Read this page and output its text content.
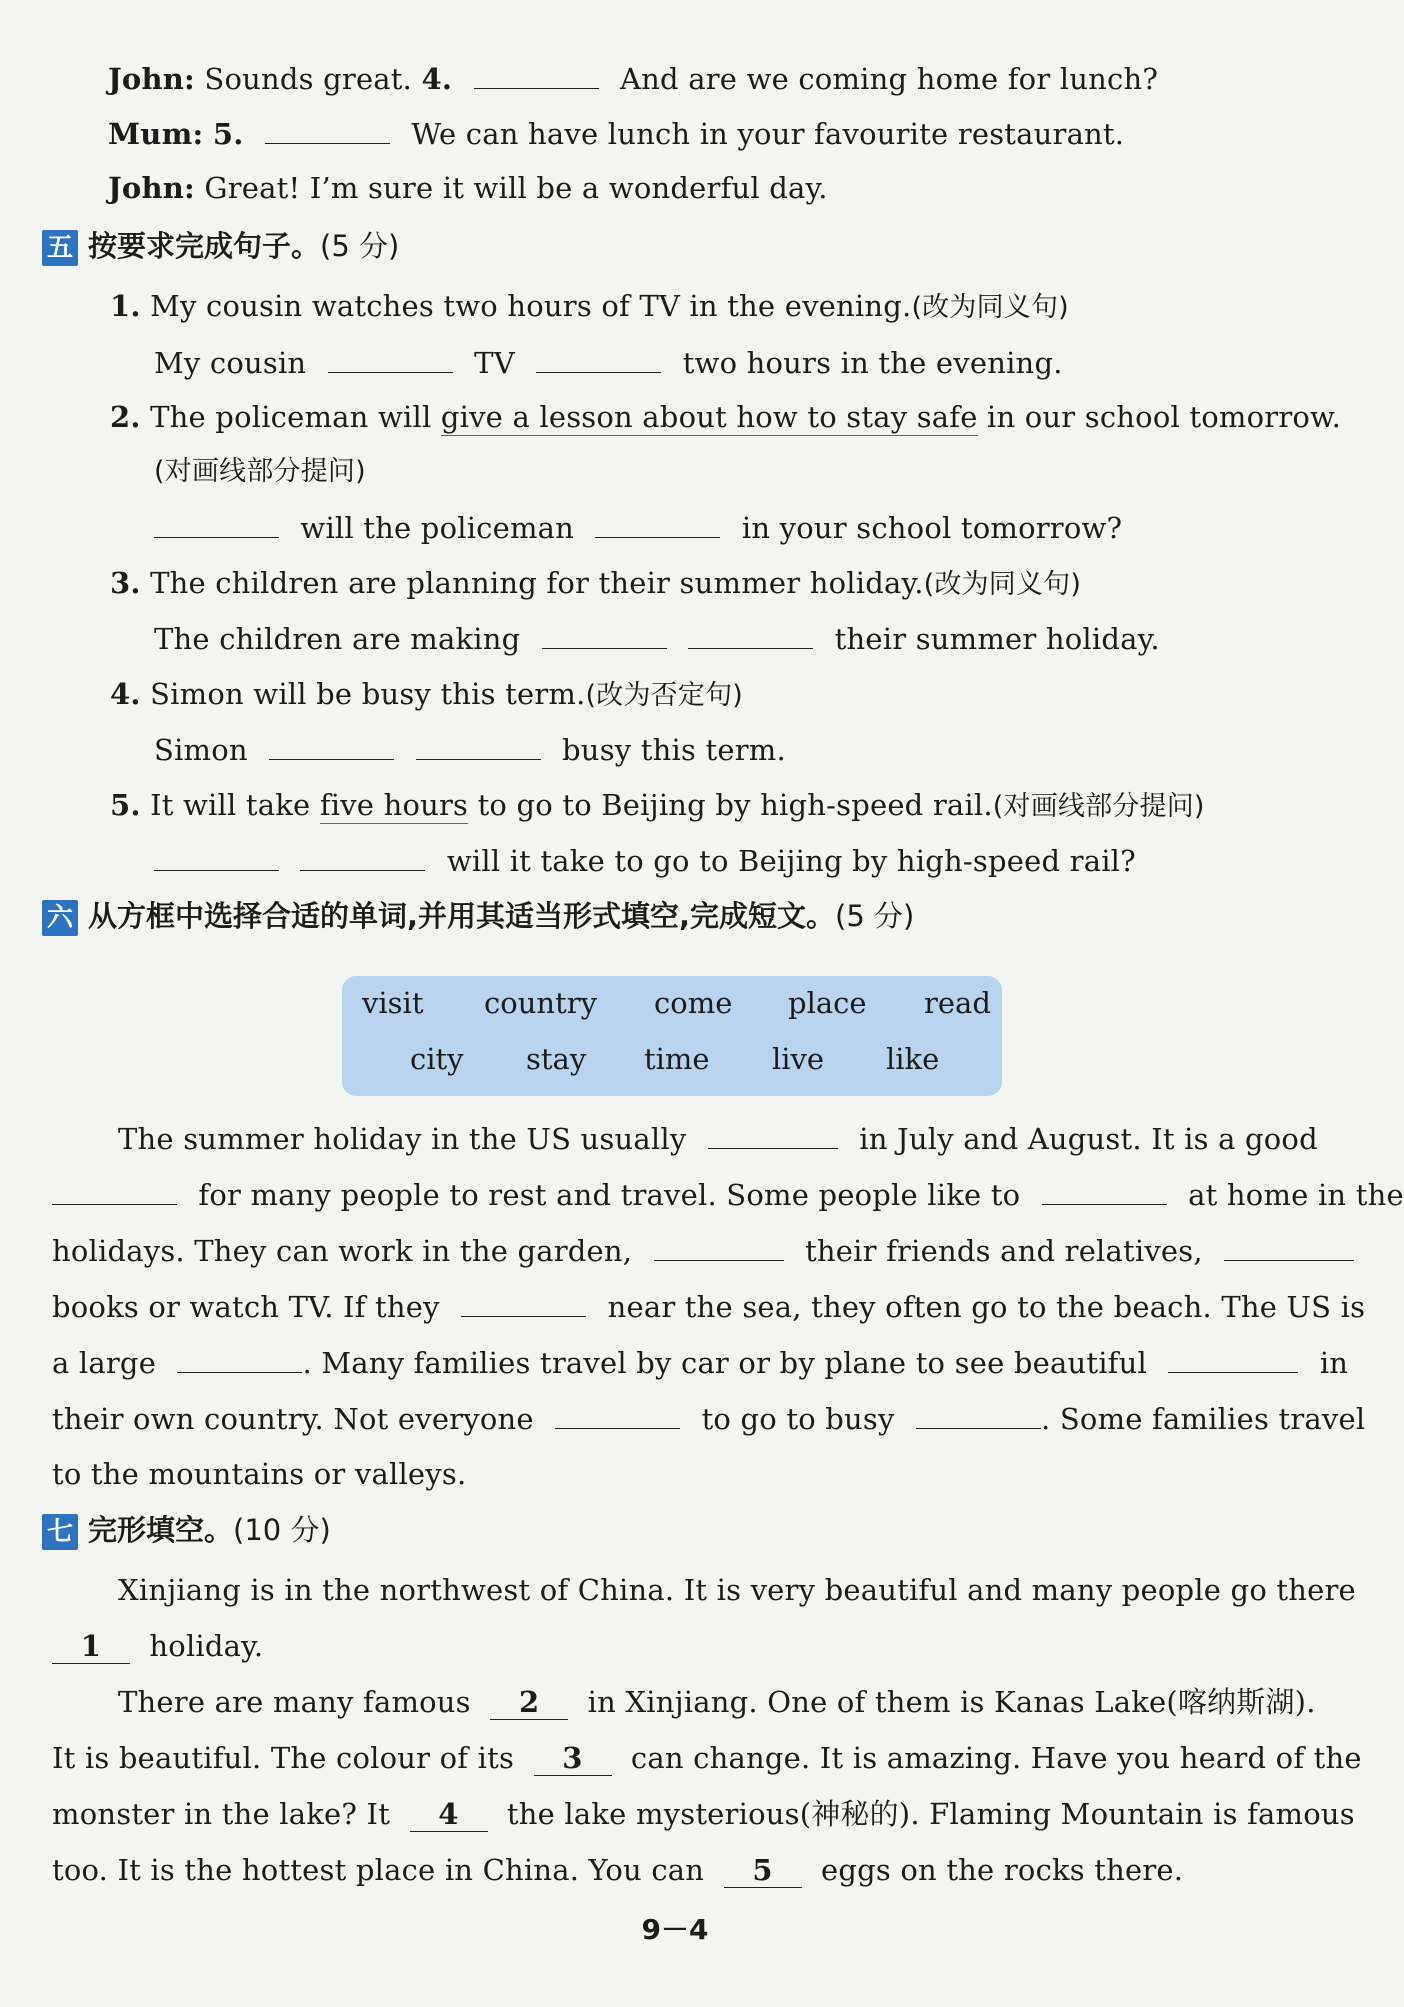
John: Sounds great. 4.	And are we coming home for lunch?
Mum: 5.	We can have lunch in your favourite restaurant.
John: Great! I’m sure it will be a wonderful day.
五 按要求完成句子。(5 分)
1. My cousin watches two hours of TV in the evening.(改为同义句)
My cousin	TV	two hours in the evening.
2. The policeman will give a lesson about how to stay safe in our school tomorrow.
(对画线部分提问)
will the policeman	in your school tomorrow?
3. The children are planning for their summer holiday.(改为同义句)
The children are making	their summer holiday.
4. Simon will be busy this term.(改为否定句)
Simon	busy this term.
5. It will take five hours to go to Beijing by high-speed rail.(对画线部分提问)
will it take to go to Beijing by high-speed rail?
六 从方框中选择合适的单词,并用其适当形式填空,完成短文。(5 分)
visit country come place read
city stay time live like
The summer holiday in the US usually	in July and August. It is a good
for many people to rest and travel. Some people like to	at home in the
holidays. They can work in the garden,	their friends and relatives,
books or watch TV. If they	near the sea, they often go to the beach. The US is
a large	. Many families travel by car or by plane to see beautiful	in
their own country. Not everyone	to go to busy	. Some families travel
to the mountains or valleys.
七 完形填空。(10 分)
Xinjiang is in the northwest of China. It is very beautiful and many people go there
1 holiday.
There are many famous 2 in Xinjiang. One of them is Kanas Lake(喀纳斯湖).
It is beautiful. The colour of its 3 can change. It is amazing. Have you heard of the
monster in the lake? It 4 the lake mysterious(神秘的). Flaming Mountain is famous
too. It is the hottest place in China. You can 5 eggs on the rocks there.
9－4
